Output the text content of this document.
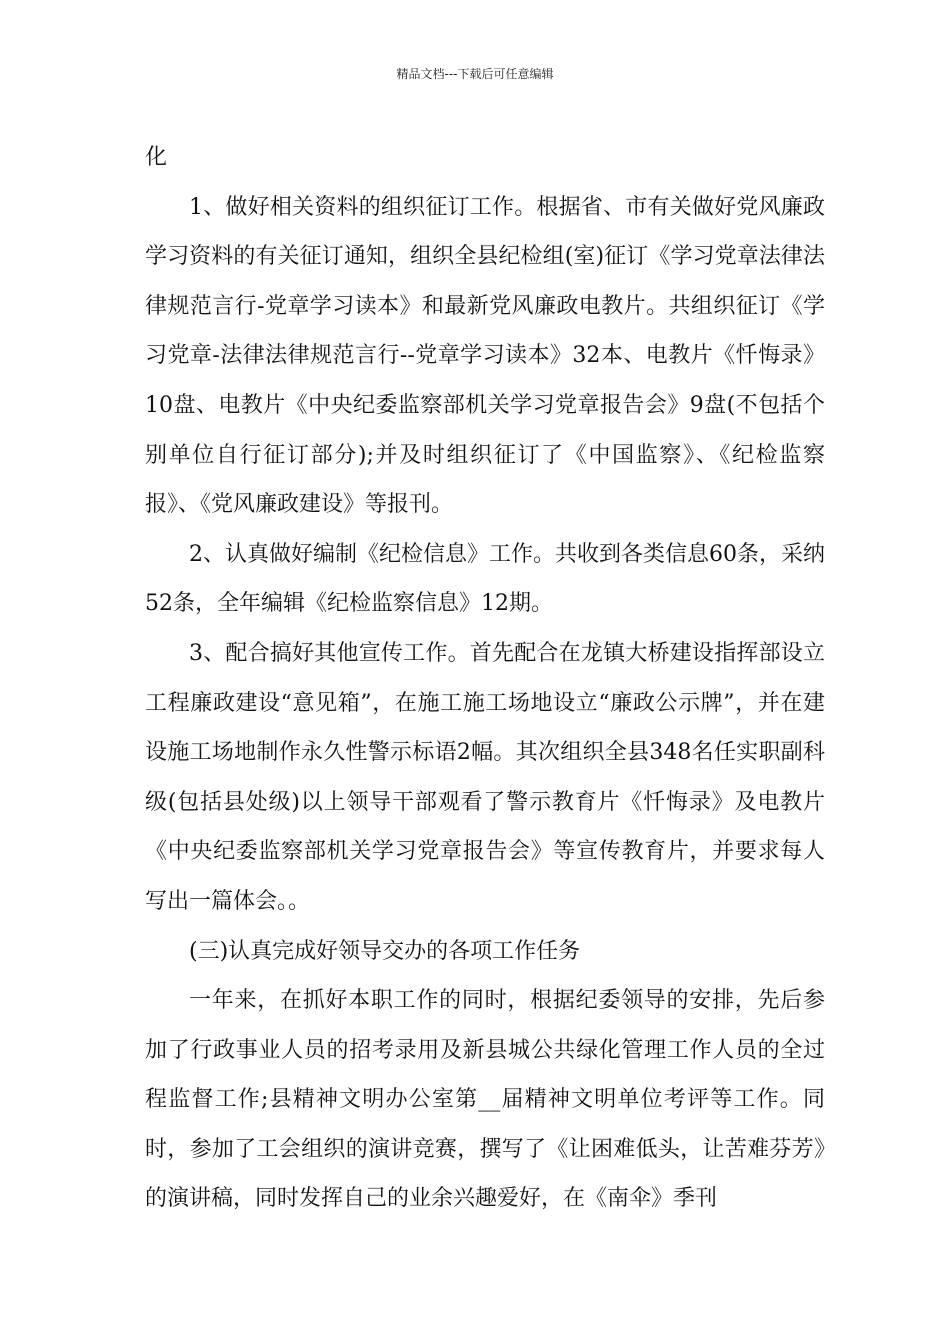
精品文档---下载后可任意编辑

化

1、做好相关资料的组织征订工作。根据省、市有关做好党风廉政学习资料的有关征订通知，组织全县纪检组(室)征订《学习党章法律法律规范言行-党章学习读本》和最新党风廉政电教片。共组织征订《学习党章-法律法律规范言行--党章学习读本》32本、电教片《忏悔录》10盘、电教片《中央纪委监察部机关学习党章报告会》9盘(不包括个别单位自行征订部分);并及时组织征订了《中国监察》、《纪检监察报》、《党风廉政建设》等报刊。

2、认真做好编制《纪检信息》工作。共收到各类信息60条，采纳52条，全年编辑《纪检监察信息》12期。

3、配合搞好其他宣传工作。首先配合在龙镇大桥建设指挥部设立工程廉政建设“意见箱”，在施工施工场地设立“廉政公示牌”，并在建设施工场地制作永久性警示标语2幅。其次组织全县348名任实职副科级(包括县处级)以上领导干部观看了警示教育片《忏悔录》及电教片《中央纪委监察部机关学习党章报告会》等宣传教育片，并要求每人写出一篇体会。。

(三)认真完成好领导交办的各项工作任务

一年来，在抓好本职工作的同时，根据纪委领导的安排，先后参加了行政事业人员的招考录用及新县城公共绿化管理工作人员的全过程监督工作;县精神文明办公室第__届精神文明单位考评等工作。同时，参加了工会组织的演讲竞赛，撰写了《让困难低头，让苦难芬芳》的演讲稿，同时发挥自己的业余兴趣爱好，在《南伞》季刊
